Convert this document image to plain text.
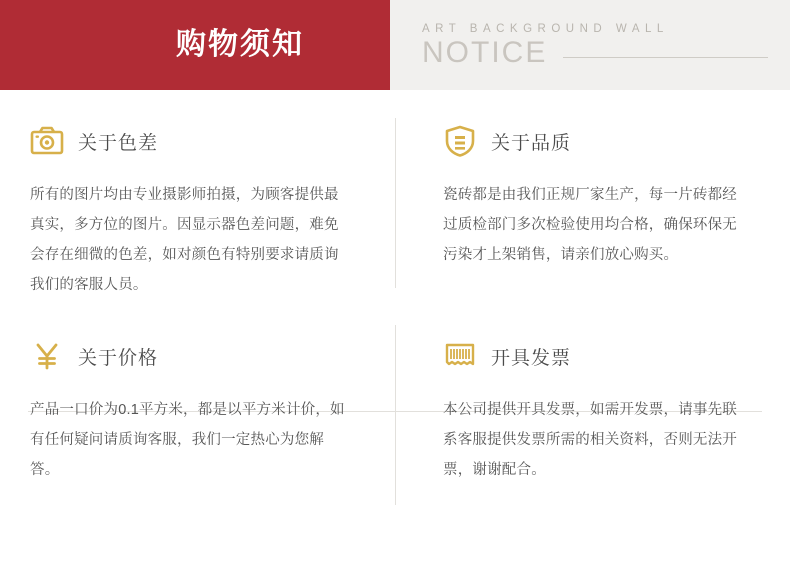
购物须知	ART BACKGROUND WALL
NOTICE
关于色差

所有的图片均由专业摄影师拍摄，为顾客提供最真实，多方位的图片。因显示器色差问题，难免会存在细微的色差，如对颜色有特别要求请质询我们的客服人员。

关于品质

瓷砖都是由我们正规厂家生产，每一片砖都经过质检部门多次检验使用均合格，确保环保无污染才上架销售，请亲们放心购买。

关于价格

产品一口价为0.1平方米，都是以平方米计价，如有任何疑问请质询客服，我们一定热心为您解答。

开具发票

本公司提供开具发票，如需开发票，请事先联系客服提供发票所需的相关资料，否则无法开票，谢谢配合。
